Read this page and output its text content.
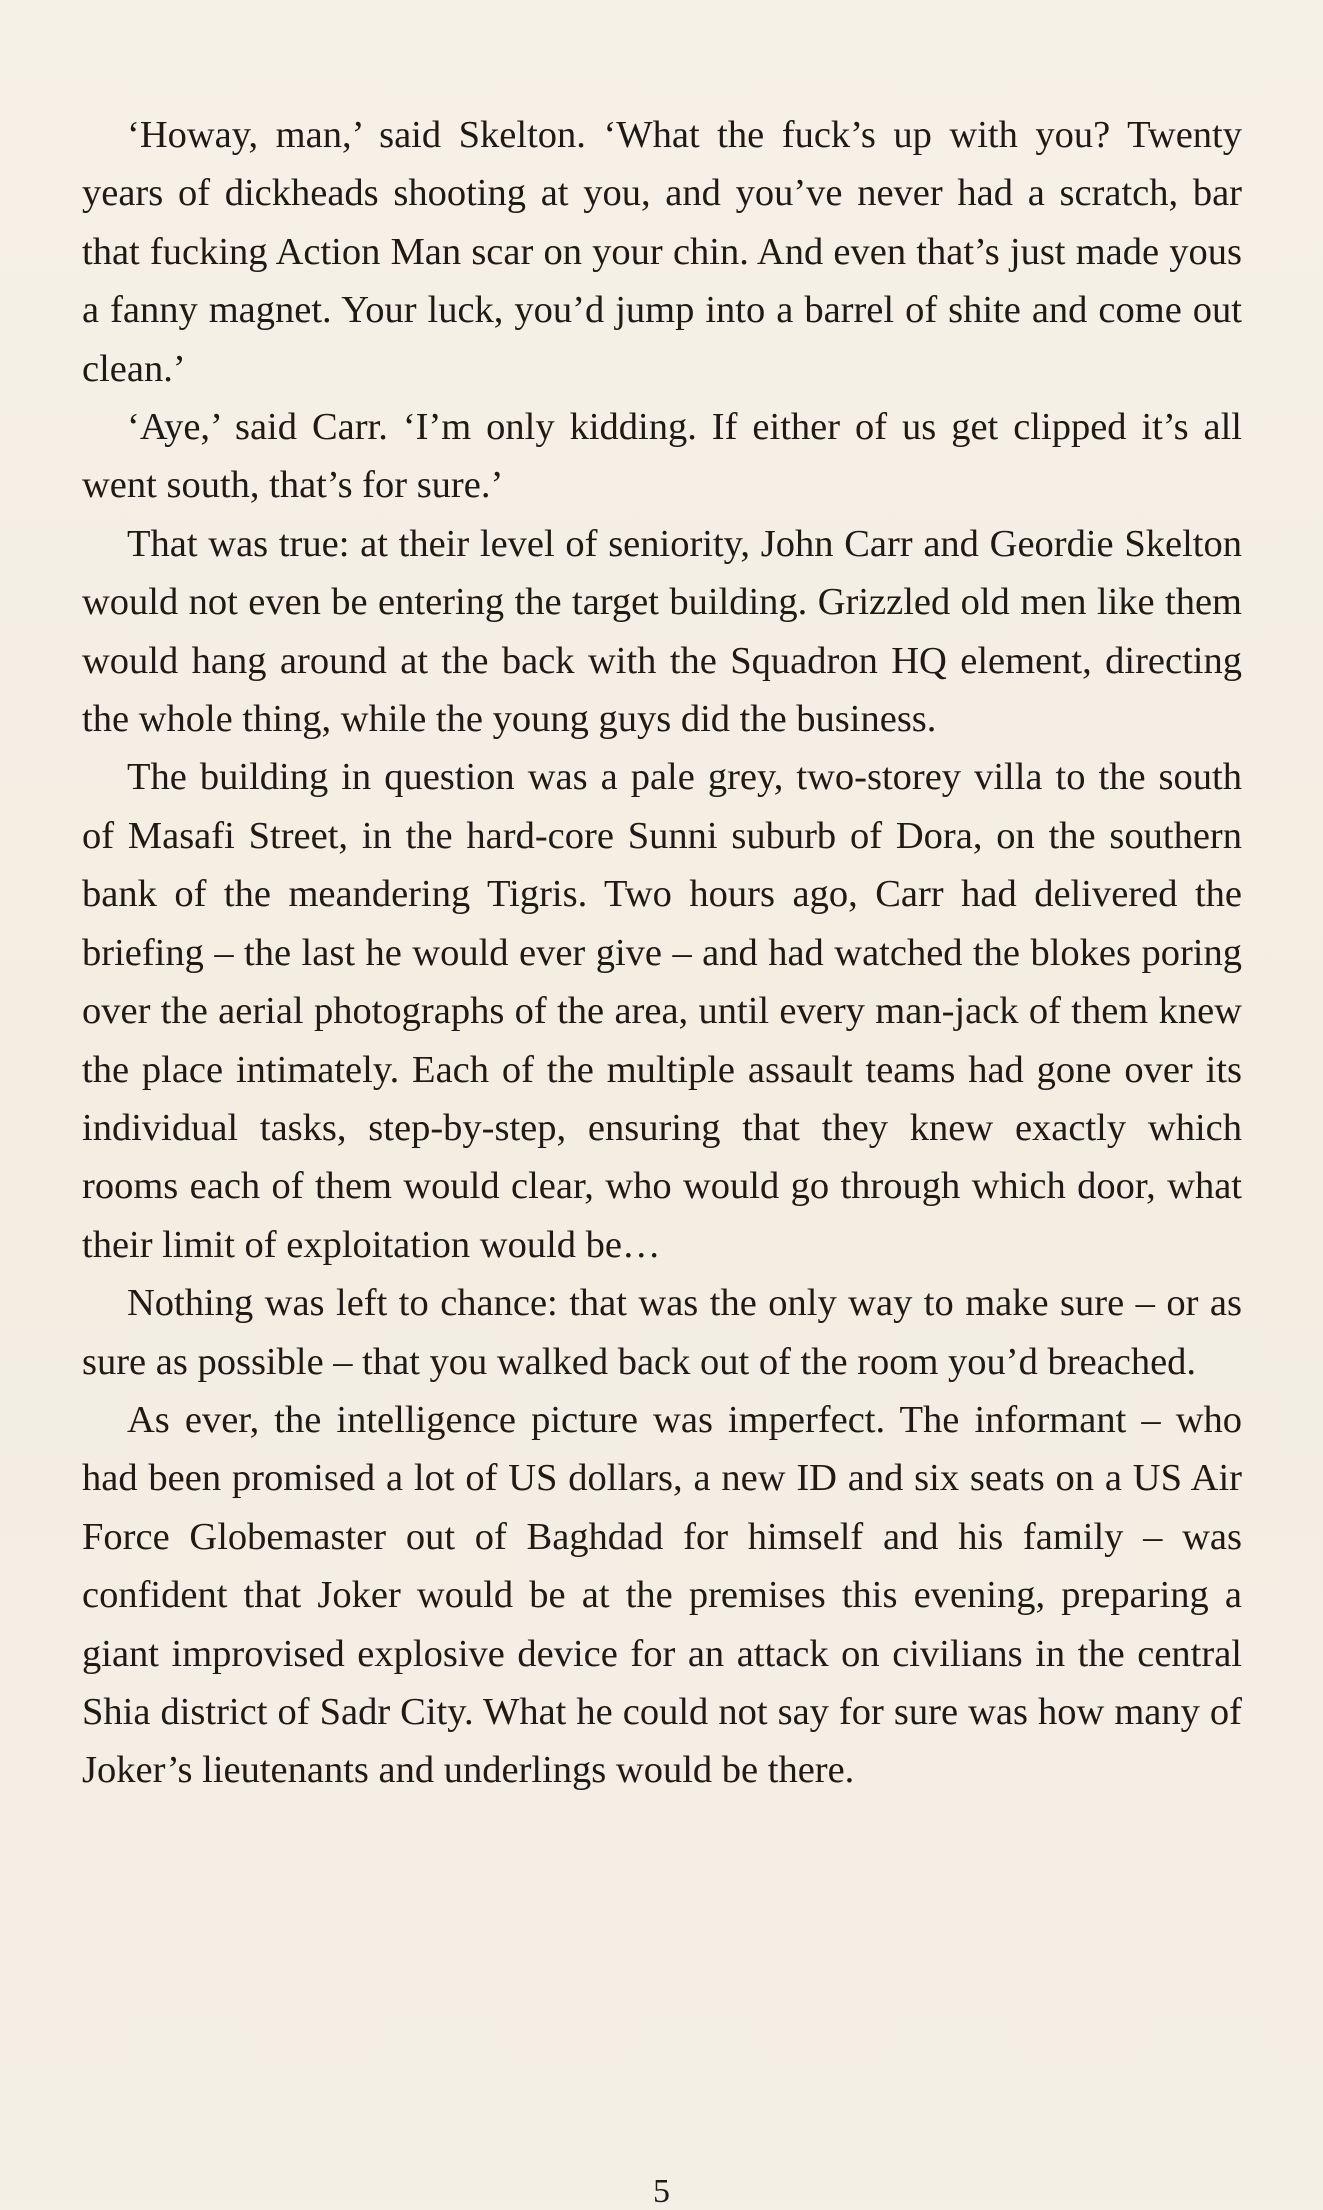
‘Howay, man,’ said Skelton. ‘What the fuck’s up with you? Twenty years of dickheads shooting at you, and you’ve never had a scratch, bar that fucking Action Man scar on your chin. And even that’s just made yous a fanny magnet. Your luck, you’d jump into a barrel of shite and come out clean.’

‘Aye,’ said Carr. ‘I’m only kidding. If either of us get clipped it’s all went south, that’s for sure.’

That was true: at their level of seniority, John Carr and Geordie Skelton would not even be entering the target building. Grizzled old men like them would hang around at the back with the Squadron HQ element, directing the whole thing, while the young guys did the business.

The building in question was a pale grey, two-storey villa to the south of Masafi Street, in the hard-core Sunni suburb of Dora, on the southern bank of the meandering Tigris. Two hours ago, Carr had delivered the briefing – the last he would ever give – and had watched the blokes poring over the aerial photographs of the area, until every man-jack of them knew the place intimately. Each of the multiple assault teams had gone over its individual tasks, step-by-step, ensuring that they knew exactly which rooms each of them would clear, who would go through which door, what their limit of exploitation would be…

Nothing was left to chance: that was the only way to make sure – or as sure as possible – that you walked back out of the room you’d breached.

As ever, the intelligence picture was imperfect. The informant – who had been promised a lot of US dollars, a new ID and six seats on a US Air Force Globemaster out of Baghdad for himself and his family – was confident that Joker would be at the premises this evening, preparing a giant improvised explosive device for an attack on civilians in the central Shia district of Sadr City. What he could not say for sure was how many of Joker’s lieutenants and underlings would be there.

5
